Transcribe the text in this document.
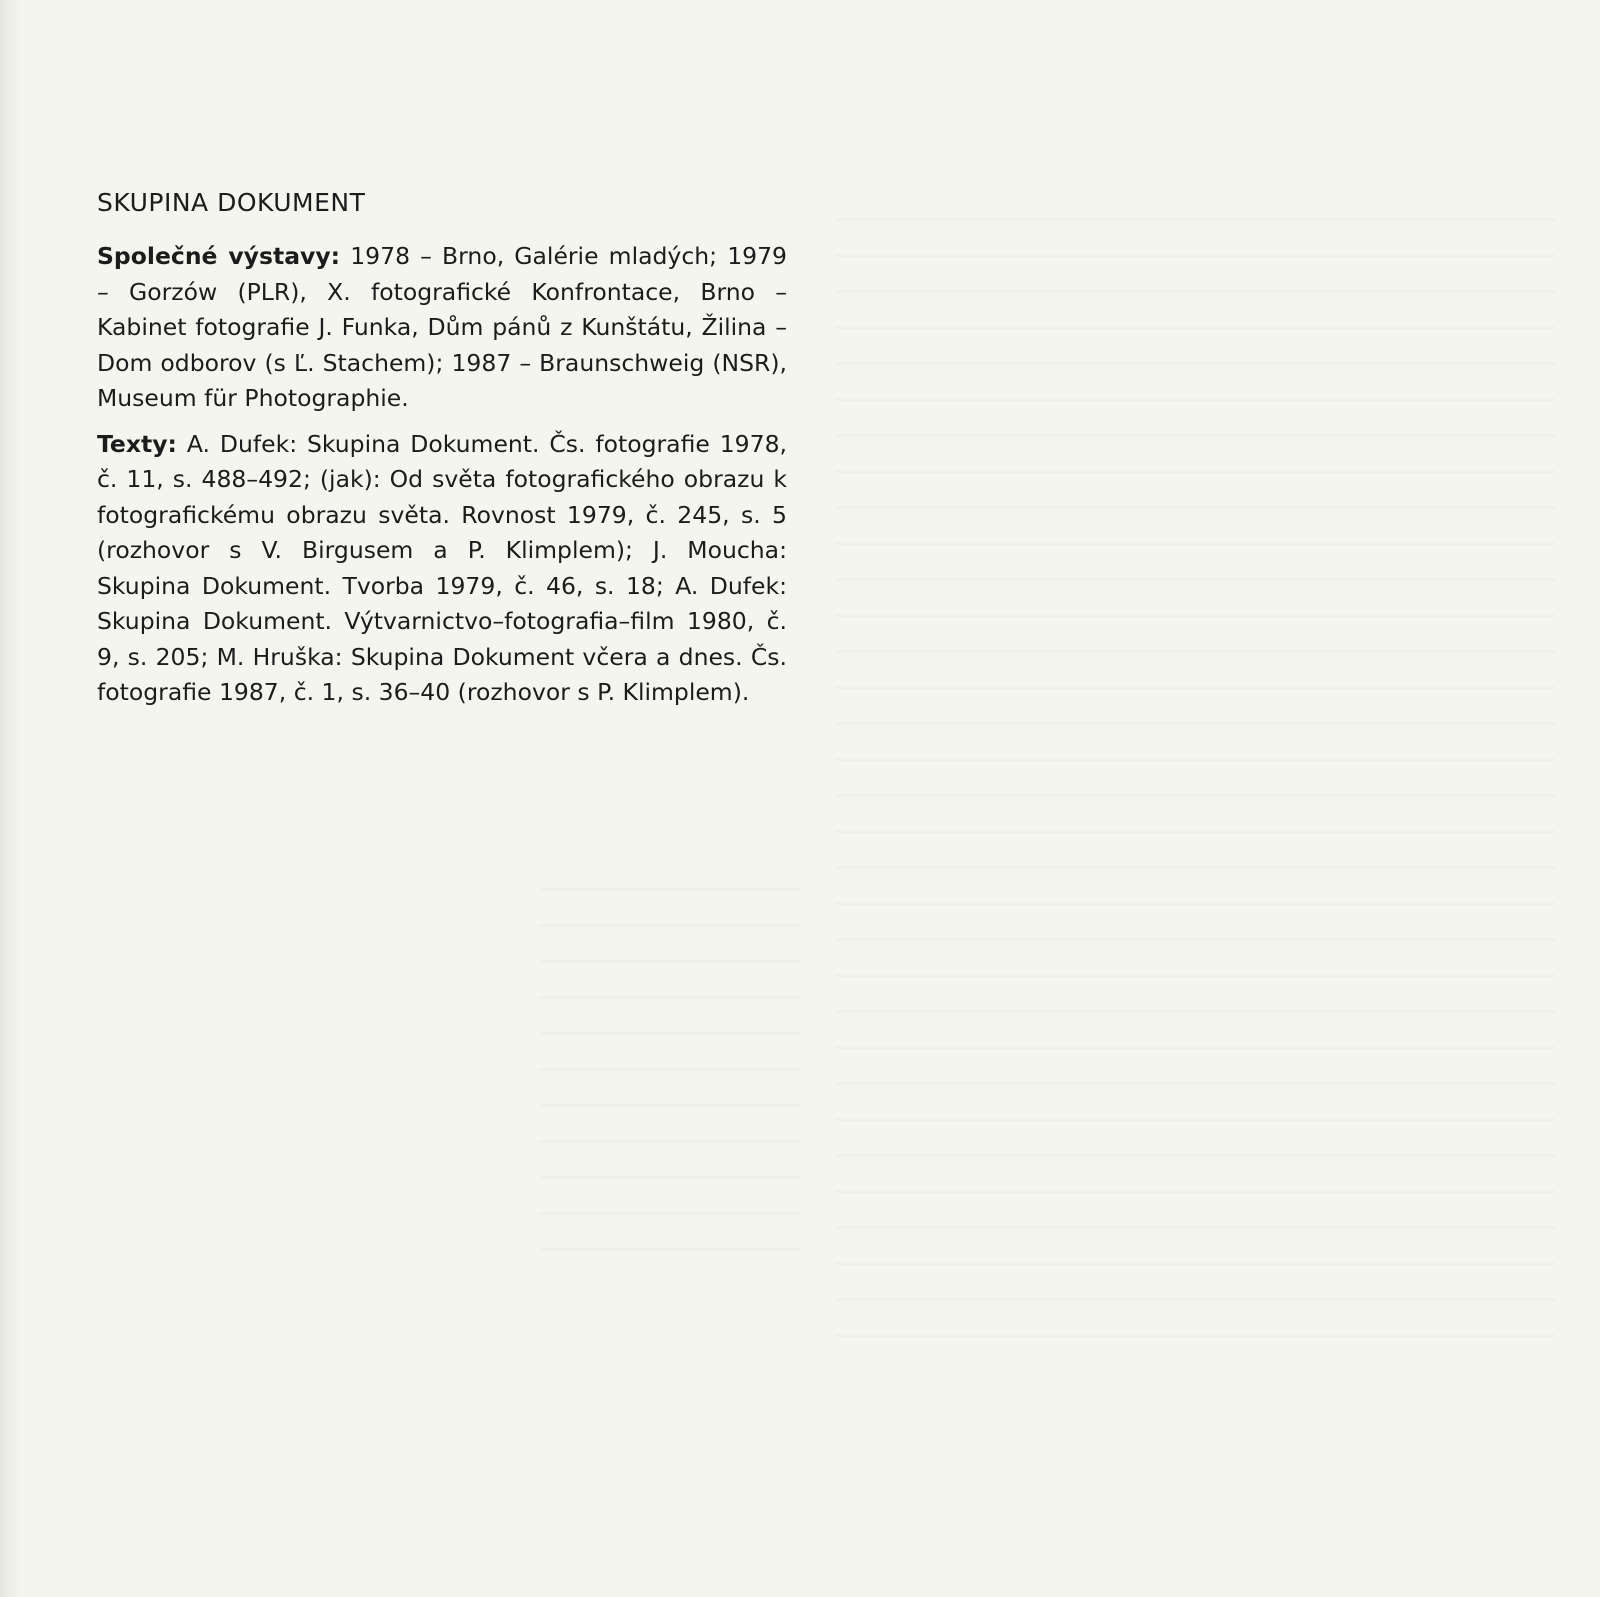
SKUPINA DOKUMENT

Společné výstavy: 1978 – Brno, Galérie mladých; 1979 – Gorzów (PLR), X. fotografické Konfrontace, Brno – Kabinet fotografie J. Funka, Dům pánů z Kunštátu, Žilina – Dom odborov (s Ľ. Stachem); 1987 – Braunschweig (NSR), Museum für Photographie.

Texty: A. Dufek: Skupina Dokument. Čs. fotografie 1978, č. 11, s. 488–492; (jak): Od světa fotografického obrazu k fotografickému obrazu světa. Rovnost 1979, č. 245, s. 5 (rozhovor s V. Birgusem a P. Klimplem); J. Moucha: Skupina Dokument. Tvorba 1979, č. 46, s. 18; A. Dufek: Skupina Dokument. Výtvarnictvo–fotografia–film 1980, č. 9, s. 205; M. Hruška: Skupina Dokument včera a dnes. Čs. fotografie 1987, č. 1, s. 36–40 (rozhovor s P. Klimplem).
